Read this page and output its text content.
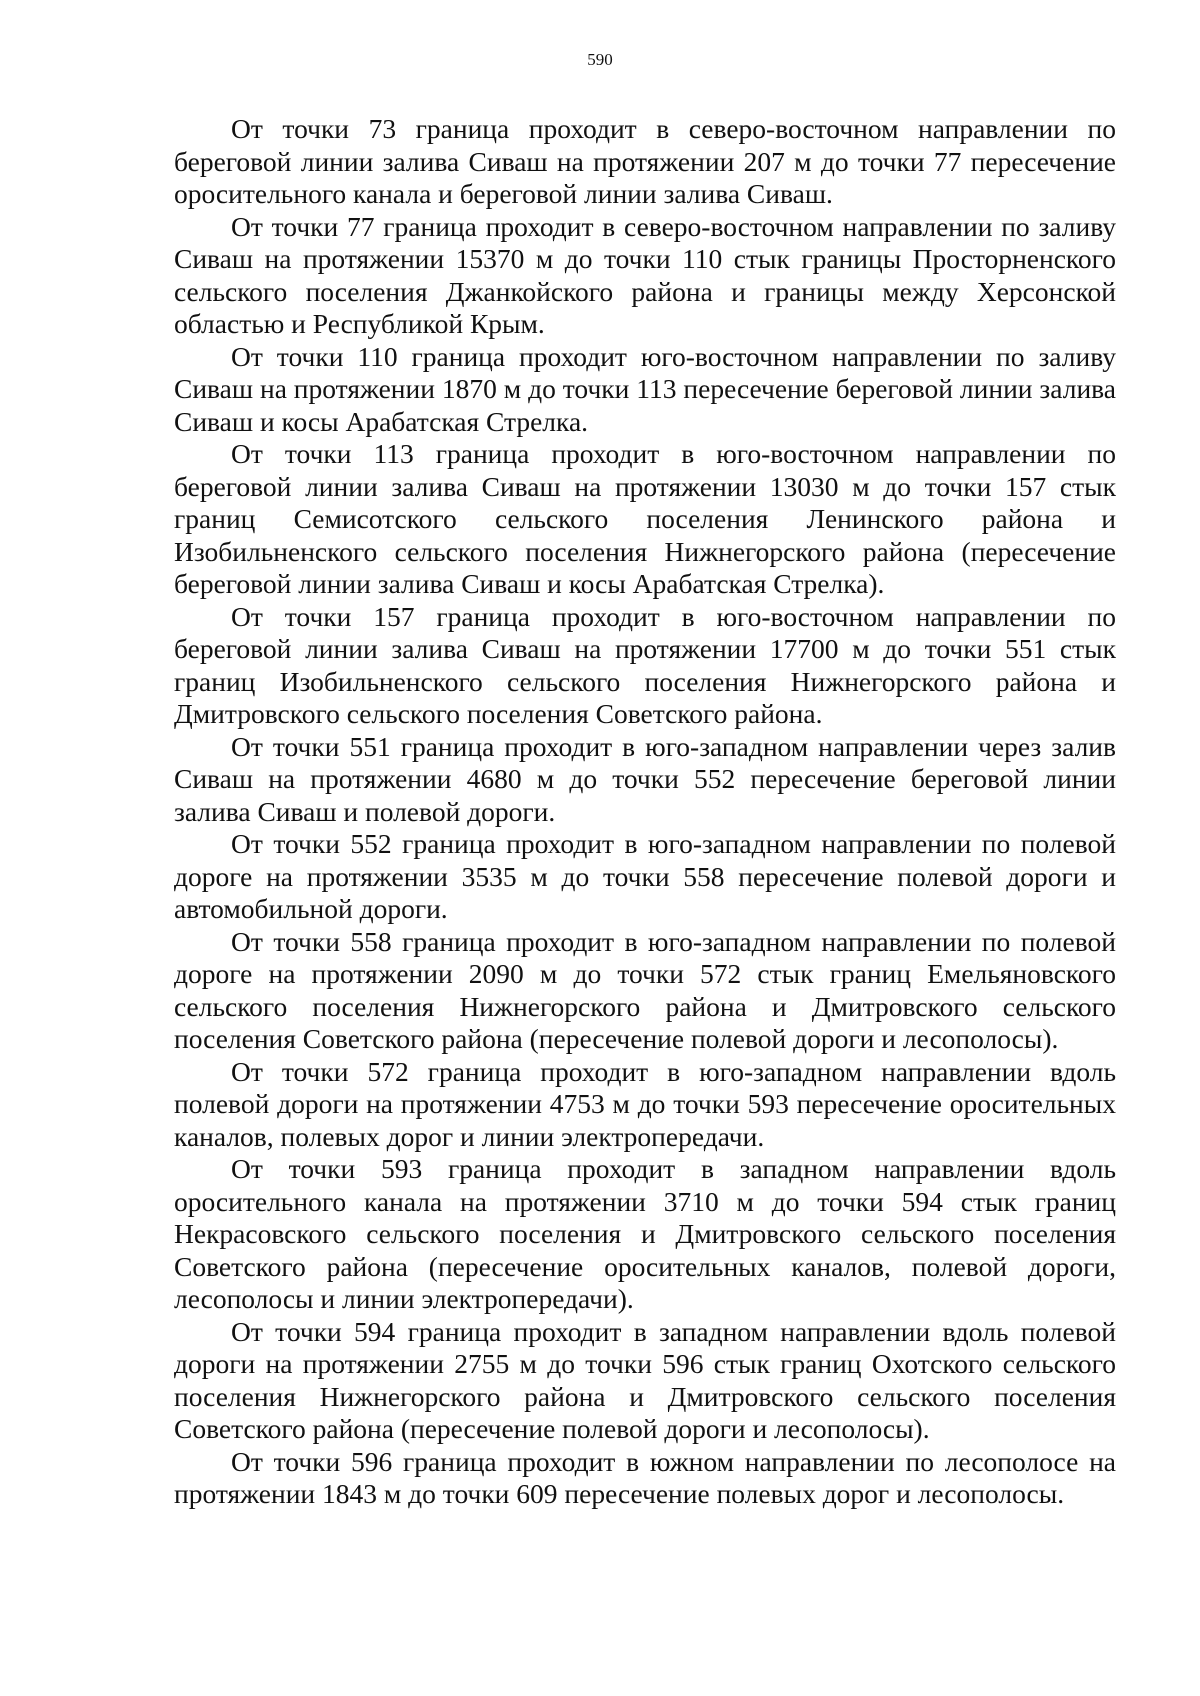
590

От точки 73 граница проходит в северо-восточном направлении по береговой линии залива Сиваш на протяжении 207 м до точки 77 пересечение оросительного канала и береговой линии залива Сиваш.

От точки 77 граница проходит в северо-восточном направлении по заливу Сиваш на протяжении 15370 м до точки 110 стык границы Просторненского сельского поселения Джанкойского района и границы между Херсонской областью и Республикой Крым.

От точки 110 граница проходит юго-восточном направлении по заливу Сиваш на протяжении 1870 м до точки 113 пересечение береговой линии залива Сиваш и косы Арабатская Стрелка.

От точки 113 граница проходит в юго-восточном направлении по береговой линии залива Сиваш на протяжении 13030 м до точки 157 стык границ Семисотского сельского поселения Ленинского района и Изобильненского сельского поселения Нижнегорского района (пересечение береговой линии залива Сиваш и косы Арабатская Стрелка).

От точки 157 граница проходит в юго-восточном направлении по береговой линии залива Сиваш на протяжении 17700 м до точки 551 стык границ Изобильненского сельского поселения Нижнегорского района и Дмитровского сельского поселения Советского района.

От точки 551 граница проходит в юго-западном направлении через залив Сиваш на протяжении 4680 м до точки 552 пересечение береговой линии залива Сиваш и полевой дороги.

От точки 552 граница проходит в юго-западном направлении по полевой дороге на протяжении 3535 м до точки 558 пересечение полевой дороги и автомобильной дороги.

От точки 558 граница проходит в юго-западном направлении по полевой дороге на протяжении 2090 м до точки 572 стык границ Емельяновского сельского поселения Нижнегорского района и Дмитровского сельского поселения Советского района (пересечение полевой дороги и лесополосы).

От точки 572 граница проходит в юго-западном направлении вдоль полевой дороги на протяжении 4753 м до точки 593 пересечение оросительных каналов, полевых дорог и линии электропередачи.

От точки 593 граница проходит в западном направлении вдоль оросительного канала на протяжении 3710 м до точки 594 стык границ Некрасовского сельского поселения и Дмитровского сельского поселения Советского района (пересечение оросительных каналов, полевой дороги, лесополосы и линии электропередачи).

От точки 594 граница проходит в западном направлении вдоль полевой дороги на протяжении 2755 м до точки 596 стык границ Охотского сельского поселения Нижнегорского района и Дмитровского сельского поселения Советского района (пересечение полевой дороги и лесополосы).

От точки 596 граница проходит в южном направлении по лесополосе на протяжении 1843 м до точки 609 пересечение полевых дорог и лесополосы.
